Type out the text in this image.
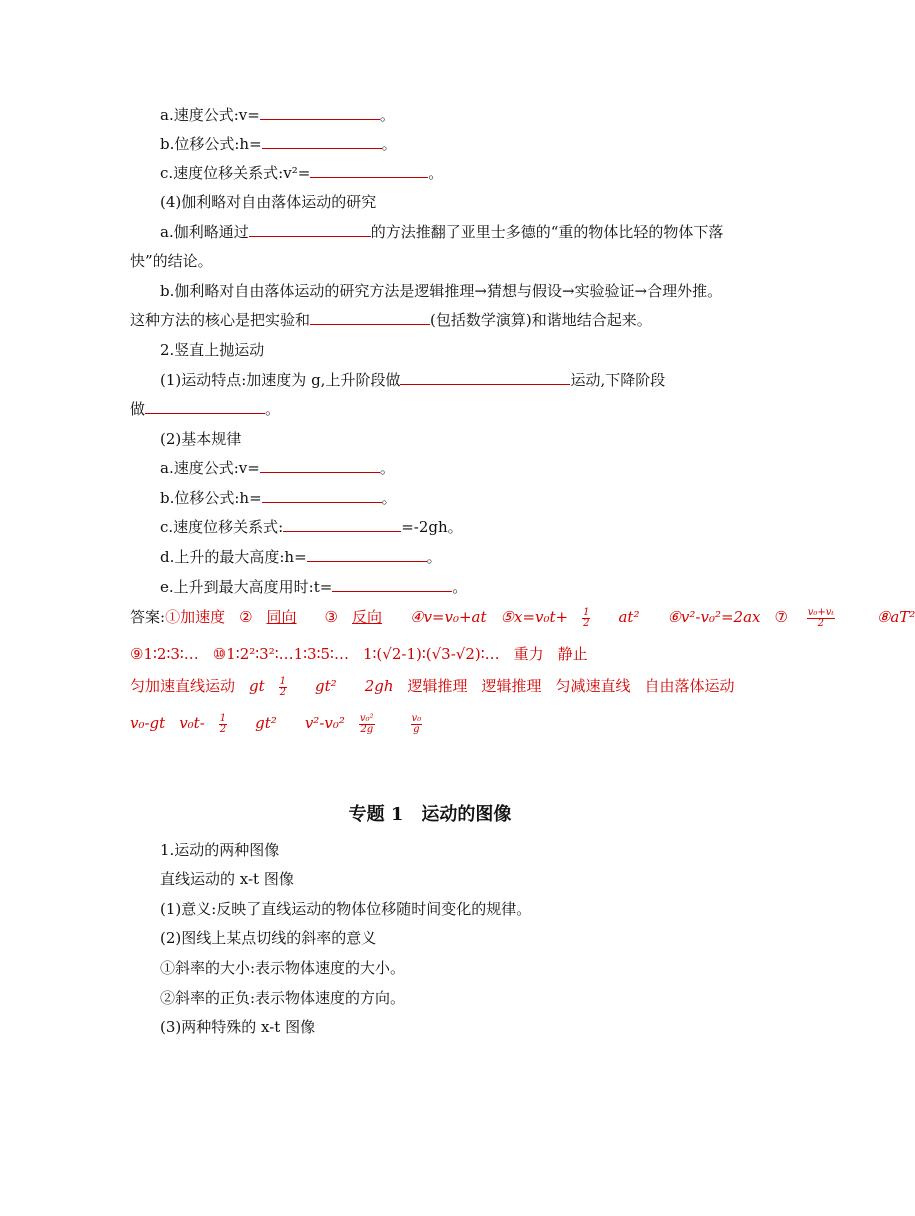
a.速度公式:v=	。
b.位移公式:h=	。
c.速度位移关系式:v²=	。
(4)伽利略对自由落体运动的研究
a.伽利略通过	的方法推翻了亚里士多德的“重的物体比轻的物体下落
快”的结论。
b.伽利略对自由落体运动的研究方法是逻辑推理→猜想与假设→实验验证→合理外推。
这种方法的核心是把实验和	(包括数学演算)和谐地结合起来。
2.竖直上抛运动
(1)运动特点:加速度为 g,上升阶段做	运动,下降阶段
做	。
(2)基本规律
a.速度公式:v=	。
b.位移公式:h=	。
c.速度位移关系式:	=-2gh。
d.上升的最大高度:h=	。
e.上升到最大高度用时:t=	。
答案:①加速度 ② 同向 ③ 反向 ④v=v₀+at ⑤x=v₀t+ $\frac{1}{2} at^2$ ⑥v²-v₀²=2ax ⑦ $\frac{\text{v₀+vₜ}}{2}$ ⑧aT²
⑨1∶2∶3∶… ⑩1∶2²∶3²∶…1∶3∶5∶… 1∶(√2-1)∶(√3-√2)∶… 重力 静止
匀加速直线运动 gt $\frac{1}{2} gt^2$ 2gh 逻辑推理 逻辑推理 匀减速直线 自由落体运动
v₀-gt $v_0t- \frac{1}{2} gt^2$ $v^2-v_0^2 \frac{\text{v₀²}}{2g} \frac{\text{v₀}}{g}$
专题 1　运动的图像
1.运动的两种图像
直线运动的 x-t 图像
(1)意义:反映了直线运动的物体位移随时间变化的规律。
(2)图线上某点切线的斜率的意义
①斜率的大小:表示物体速度的大小。
②斜率的正负:表示物体速度的方向。
(3)两种特殊的 x-t 图像
